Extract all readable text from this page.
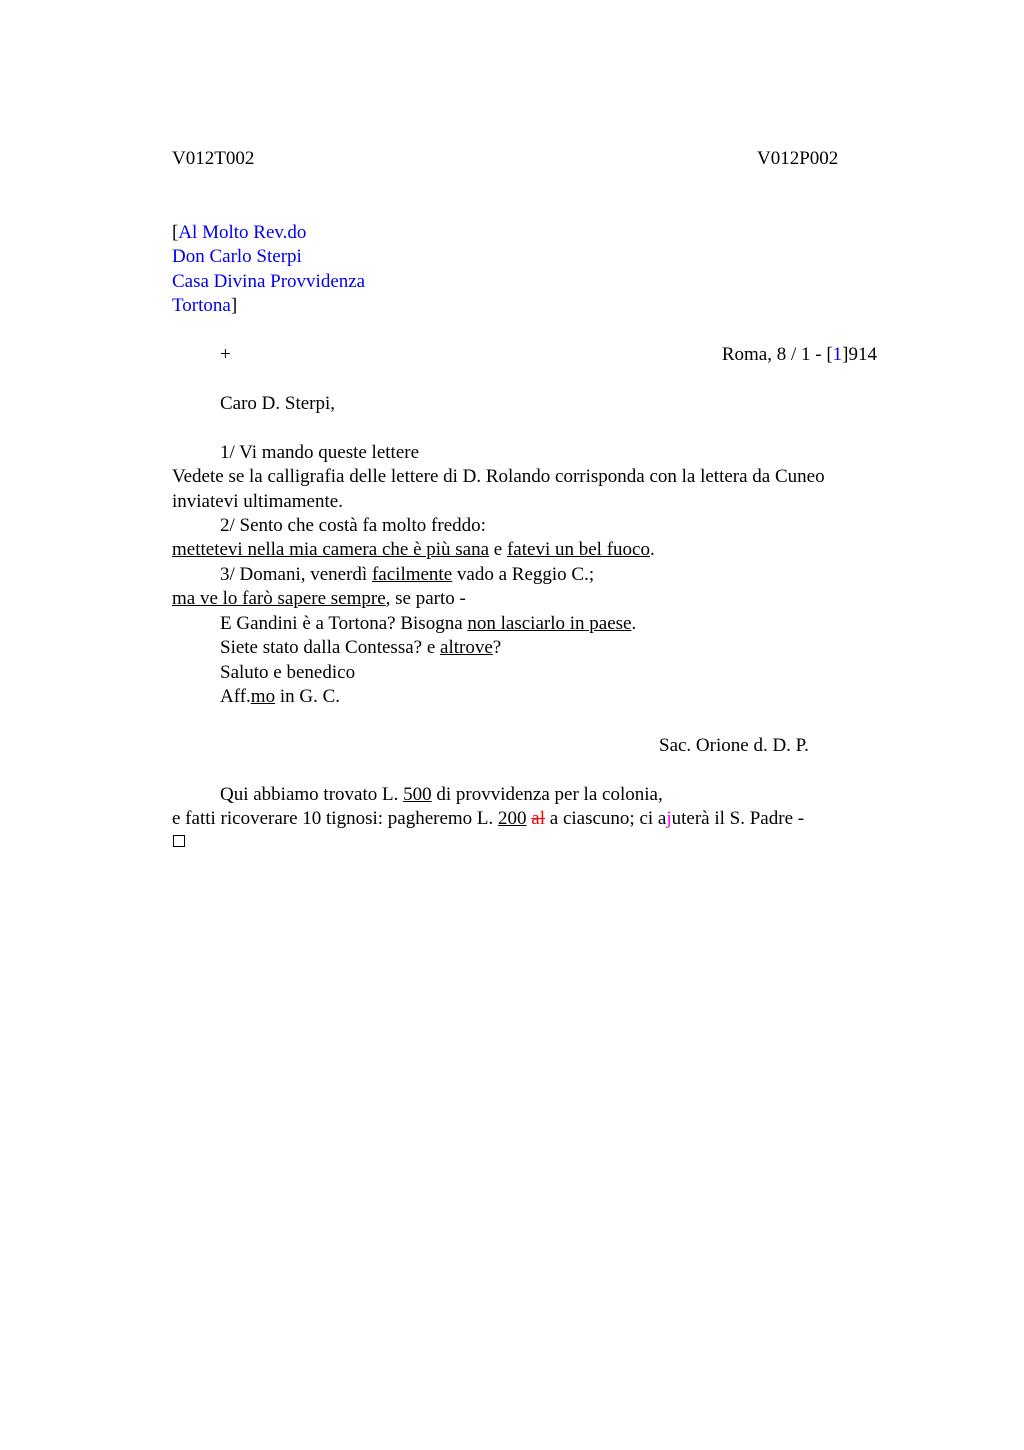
V012T002	V012P002
[Al Molto Rev.do
Don Carlo Sterpi
Casa Divina Provvidenza
Tortona]
+	Roma, 8 / 1 - [1]914
Caro D. Sterpi,
1/ Vi mando queste lettere
Vedete se la calligrafia delle lettere di D. Rolando corrisponda con la lettera da Cuneo
inviatevi ultimamente.
2/ Sento che costà fa molto freddo:
mettetevi nella mia camera che è più sana e fatevi un bel fuoco.
3/ Domani, venerdì facilmente vado a Reggio C.;
ma ve lo farò sapere sempre, se parto -
E Gandini è a Tortona? Bisogna non lasciarlo in paese.
Siete stato dalla Contessa? e altrove?
Saluto e benedico
Aff.mo in G. C.
Sac. Orione d. D. P.
Qui abbiamo trovato L. 500 di provvidenza per la colonia,
e fatti ricoverare 10 tignosi: pagheremo L. 200 al a ciascuno; ci ajuterà il S. Padre -
